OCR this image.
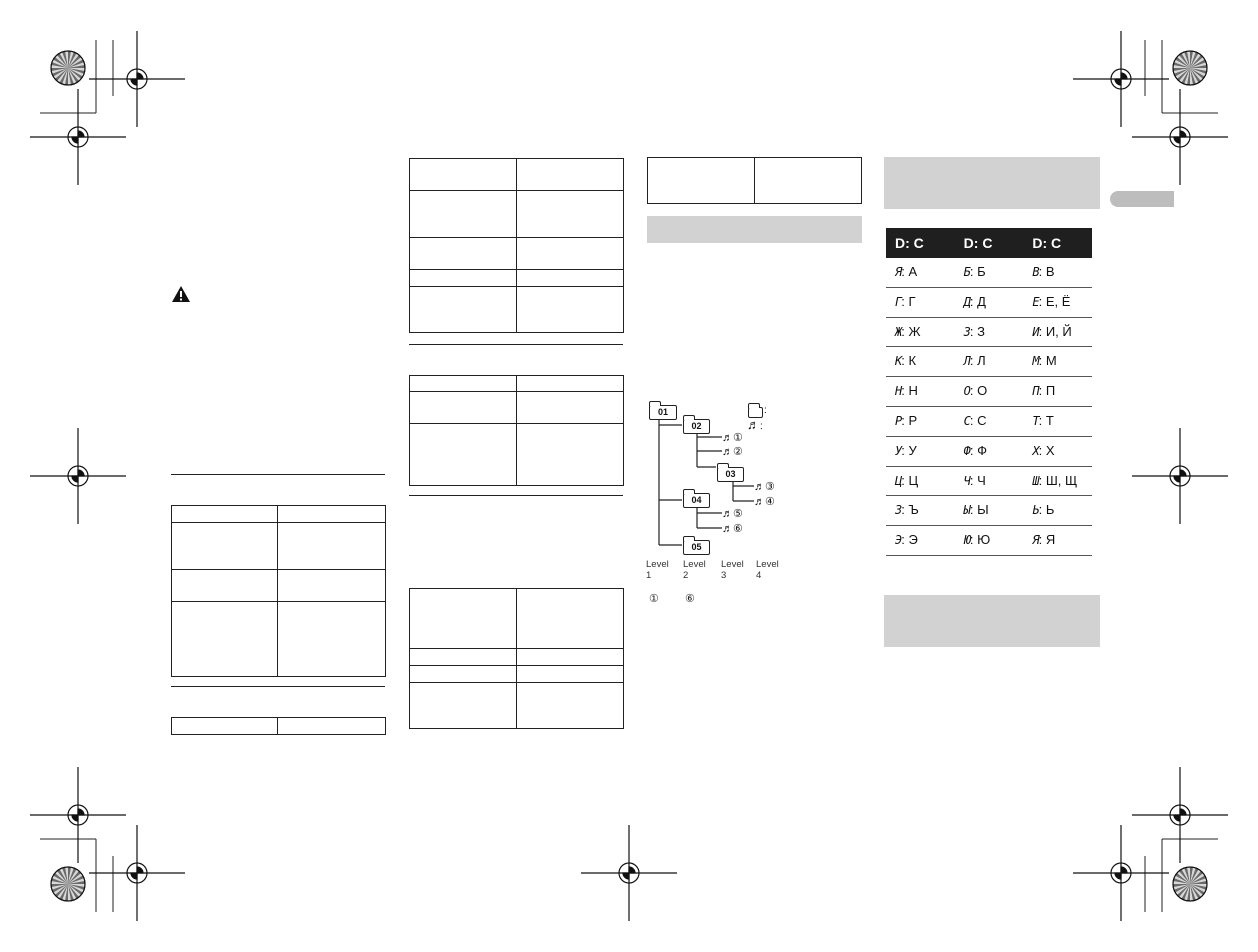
01
02
03
04
05
♬①
♬②
♬③
♬④
♬⑤
♬⑥
:
♬:
Level 1
Level 2
Level 3
Level 4
① ⑥
D: C	D: C	D: C
Я: А	Б: Б	В: В
Г: Г	Д: Д	Е: Е, Ё
Ж: Ж	З: З	И: И, Й
К: К	Л: Л	М: М
Н: Н	О: О	П: П
Р: Р	С: С	Т: Т
У: У	Ф: Ф	Х: Х
Ц: Ц	Ч: Ч	Ш: Ш, Щ
З: Ъ	Ы: Ы	Ь: Ь
Э: Э	Ю: Ю	Я: Я
